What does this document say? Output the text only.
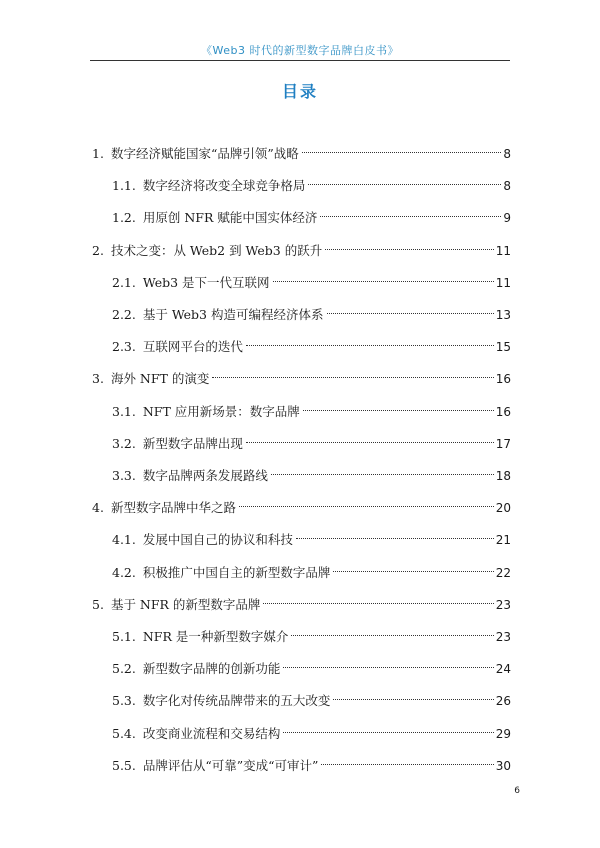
《Web3 时代的新型数字品牌白皮书》
目录
1. 数字经济赋能国家“品牌引领”战略	8
1.1. 数字经济将改变全球竞争格局	8
1.2. 用原创 NFR 赋能中国实体经济	9
2. 技术之变：从 Web2 到 Web3 的跃升	11
2.1. Web3 是下一代互联网	11
2.2. 基于 Web3 构造可编程经济体系	13
2.3. 互联网平台的迭代	15
3. 海外 NFT 的演变	16
3.1. NFT 应用新场景：数字品牌	16
3.2. 新型数字品牌出现	17
3.3. 数字品牌两条发展路线	18
4. 新型数字品牌中华之路	20
4.1. 发展中国自己的协议和科技	21
4.2. 积极推广中国自主的新型数字品牌	22
5. 基于 NFR 的新型数字品牌	23
5.1. NFR 是一种新型数字媒介	23
5.2. 新型数字品牌的创新功能	24
5.3. 数字化对传统品牌带来的五大改变	26
5.4. 改变商业流程和交易结构	29
5.5. 品牌评估从“可靠”变成“可审计”	30
6
